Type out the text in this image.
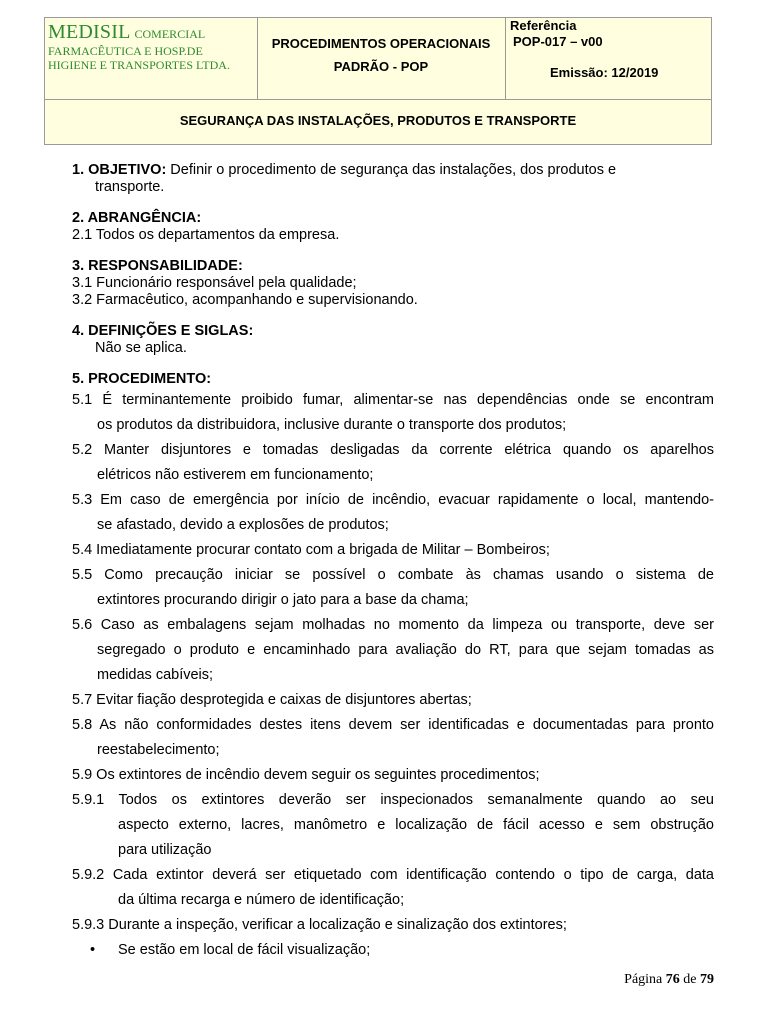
MEDISIL COMERCIAL
FARMACÊUTICA E HOSP.DE
HIGIENE E TRANSPORTES LTDA.
PROCEDIMENTOS OPERACIONAIS
PADRÃO - POP
Referência
POP-017 – v00
Emissão: 12/2019
SEGURANÇA DAS INSTALAÇÕES, PRODUTOS E TRANSPORTE
1. OBJETIVO: Definir o procedimento de segurança das instalações, dos produtos e
transporte.
2. ABRANGÊNCIA:
2.1 Todos os departamentos da empresa.
3. RESPONSABILIDADE:
3.1 Funcionário responsável pela qualidade;
3.2 Farmacêutico, acompanhando e supervisionando.
4. DEFINIÇÕES E SIGLAS:
Não se aplica.
5. PROCEDIMENTO:
5.1 É terminantemente proibido fumar, alimentar-se nas dependências onde se encontram
os produtos da distribuidora, inclusive durante o transporte dos produtos;
5.2 Manter disjuntores e tomadas desligadas da corrente elétrica quando os aparelhos
elétricos não estiverem em funcionamento;
5.3 Em caso de emergência por início de incêndio, evacuar rapidamente o local, mantendo-
se afastado, devido a explosões de produtos;
5.4 Imediatamente procurar contato com a brigada de Militar – Bombeiros;
5.5 Como precaução iniciar se possível o combate às chamas usando o sistema de
extintores procurando dirigir o jato para a base da chama;
5.6 Caso as embalagens sejam molhadas no momento da limpeza ou transporte, deve ser
segregado o produto e encaminhado para avaliação do RT, para que sejam tomadas as
medidas cabíveis;
5.7 Evitar fiação desprotegida e caixas de disjuntores abertas;
5.8 As não conformidades destes itens devem ser identificadas e documentadas para pronto
reestabelecimento;
5.9 Os extintores de incêndio devem seguir os seguintes procedimentos;
5.9.1 Todos os extintores deverão ser inspecionados semanalmente quando ao seu
aspecto externo, lacres, manômetro e localização de fácil acesso e sem obstrução
para utilização
5.9.2 Cada extintor deverá ser etiquetado com identificação contendo o tipo de carga, data
da última recarga e número de identificação;
5.9.3 Durante a inspeção, verificar a localização e sinalização dos extintores;
• Se estão em local de fácil visualização;
Página 76 de 79
